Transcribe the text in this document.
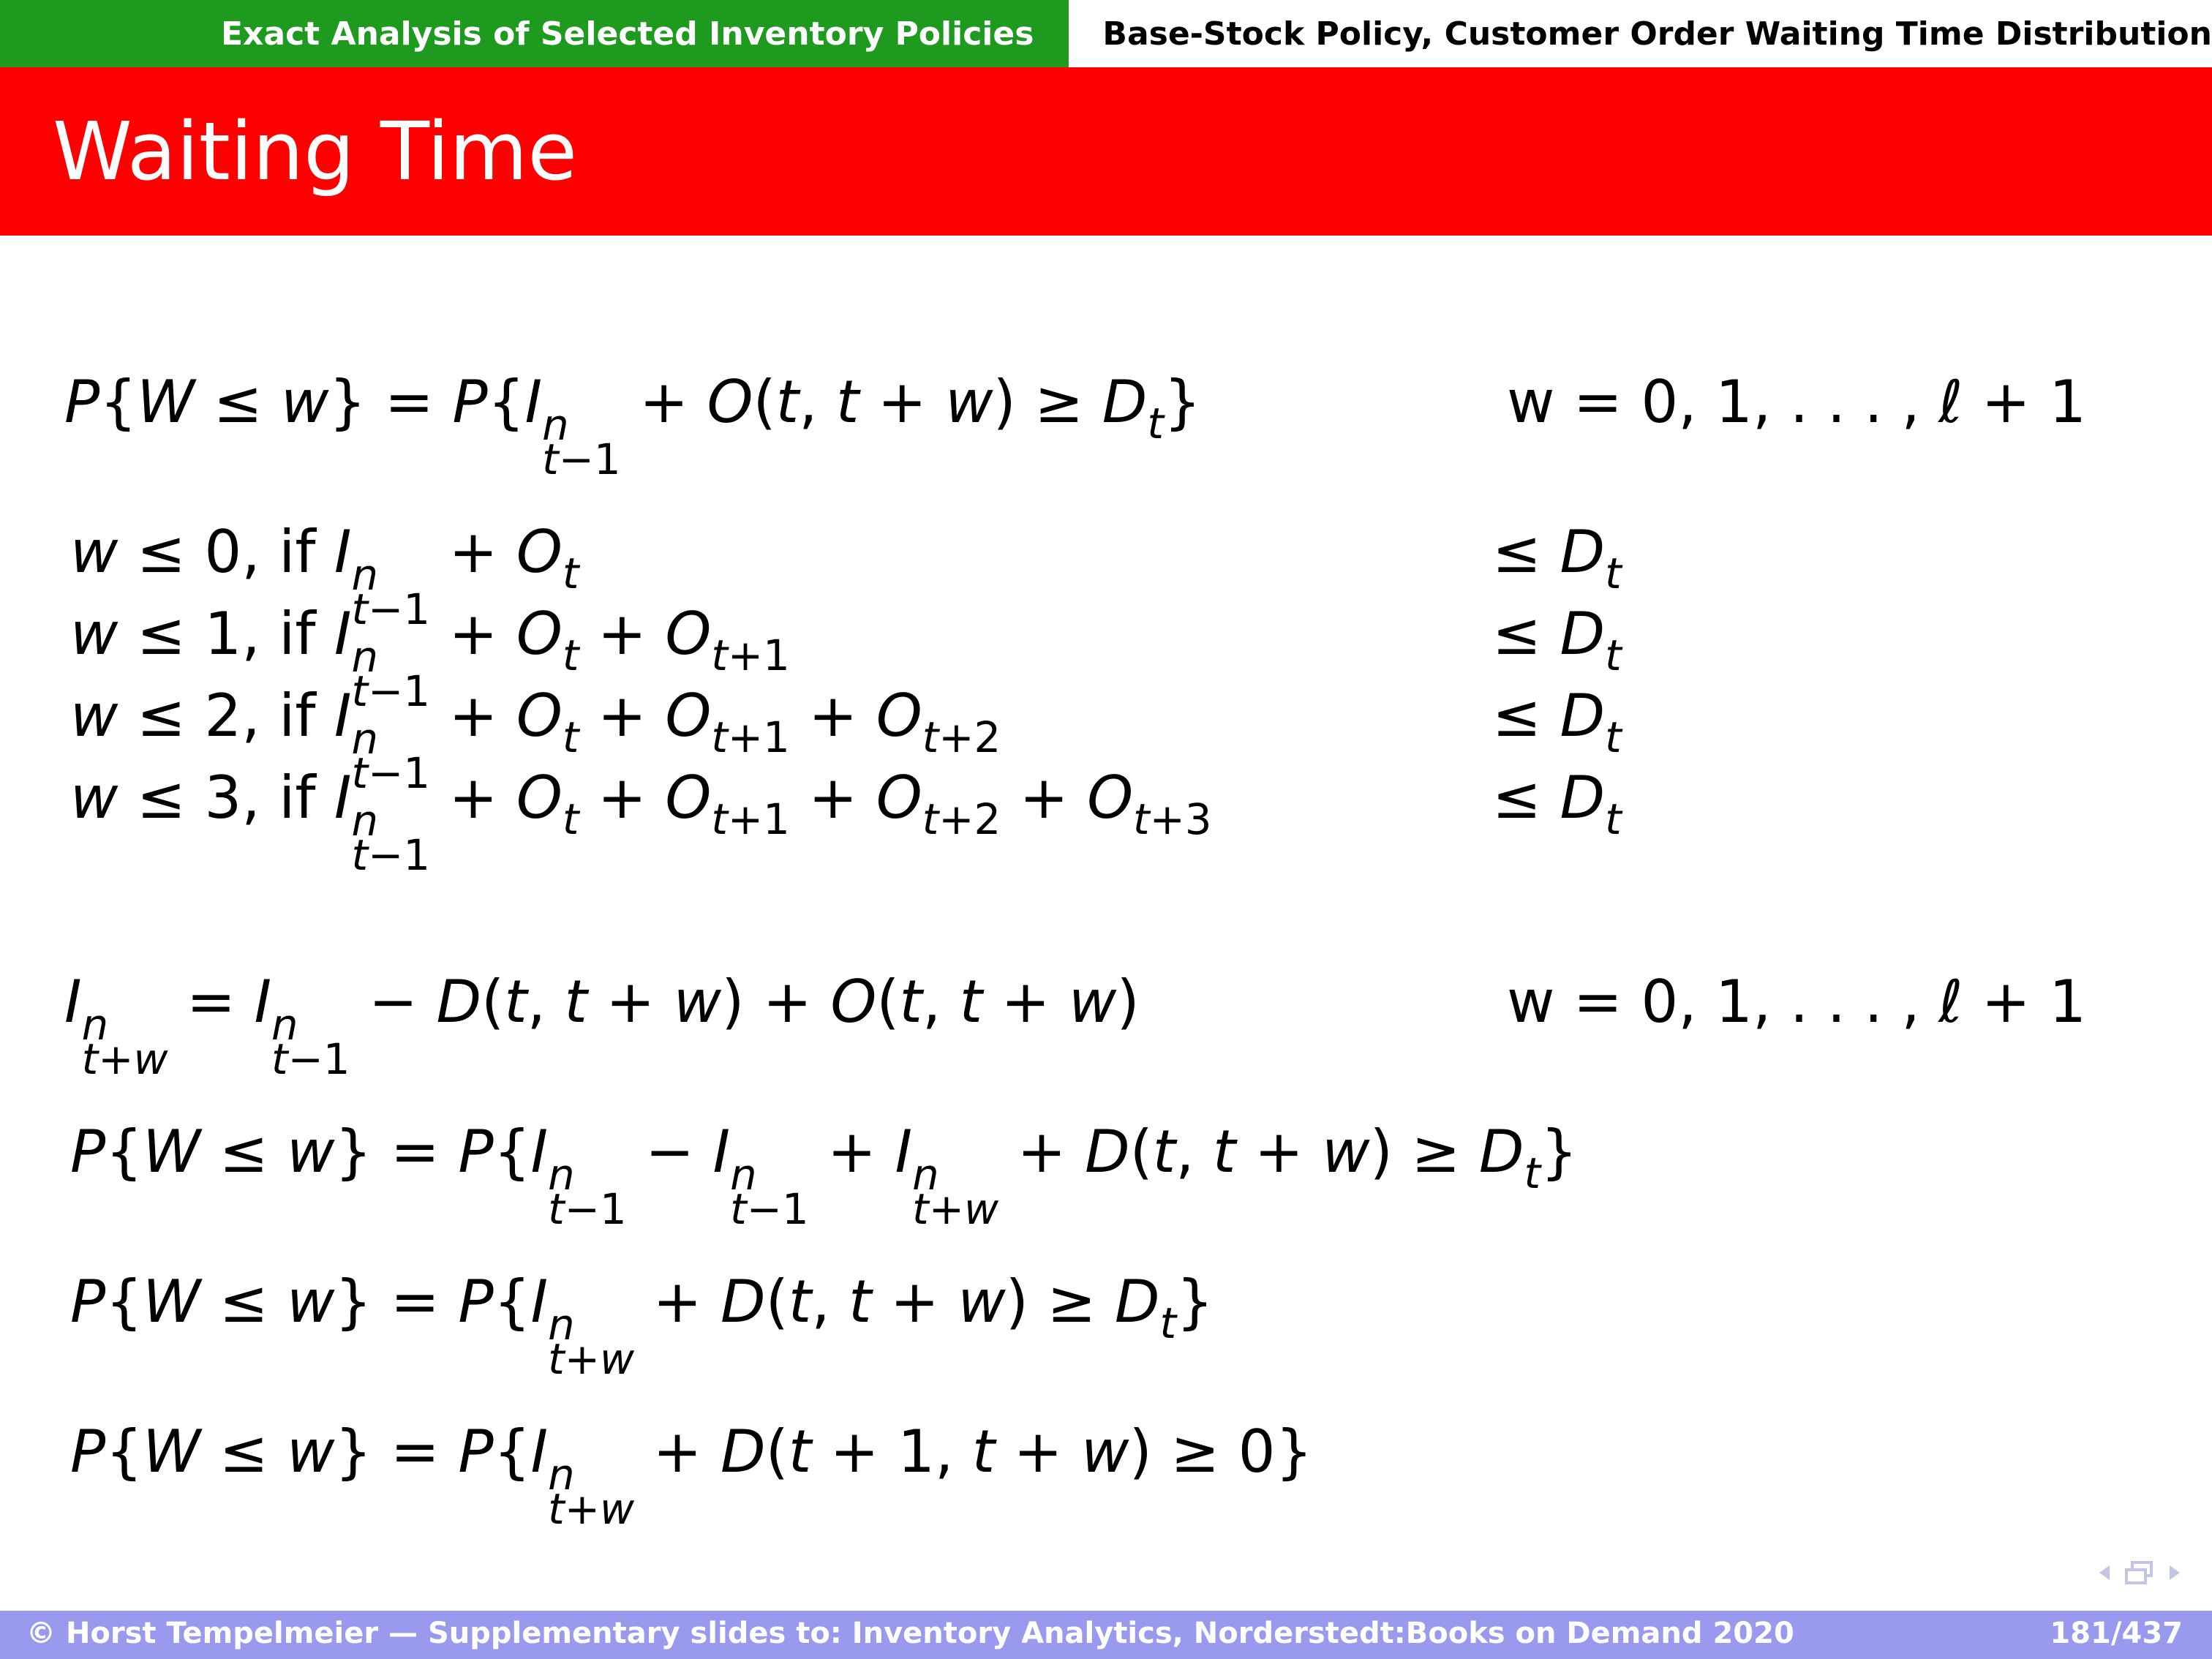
Exact Analysis of Selected Inventory Policies	Base-Stock Policy, Customer Order Waiting Time Distribution
Waiting Time
P{W ≤ w} = P{I n
t−1
+ O(t, $t + w) \ge D_t$}	w = 0, 1, . . . , ℓ + 1
w ≤ 0, if I n
t−1
+ $O_t$
w ≤ 1, if I n
t−1
+ $O_t + O_{t+1}$
w ≤ 2, if I n
t−1
+ $O_t + O_{t+1} + O_{t+2}$
w ≤ 3, if I n
t−1
+ $O_t + O_{t+1} + O_{t+2} + O_{t+3}$
≤ $D_t$
≤ $D_t$
≤ $D_t$
≤ $D_t$
I n
t+w
= I n
t−1
− D(t, t + w) + O(t, t + w)	w = 0, 1, . . . , ℓ + 1
P{W ≤ w} = P{I n
t−1
− I n
t−1
+ I n
t+w
+ D(t, $t + w) \ge D_t$}
P{W ≤ w} = P{I n
t+w
+ D(t, $t + w) \ge D_t$}
P{W ≤ w} = P{I n
t+w
+ D(t + 1, t + w) ≥ 0}
© Horst Tempelmeier — Supplementary slides to: Inventory Analytics, Norderstedt:Books on Demand 2020	181/437
